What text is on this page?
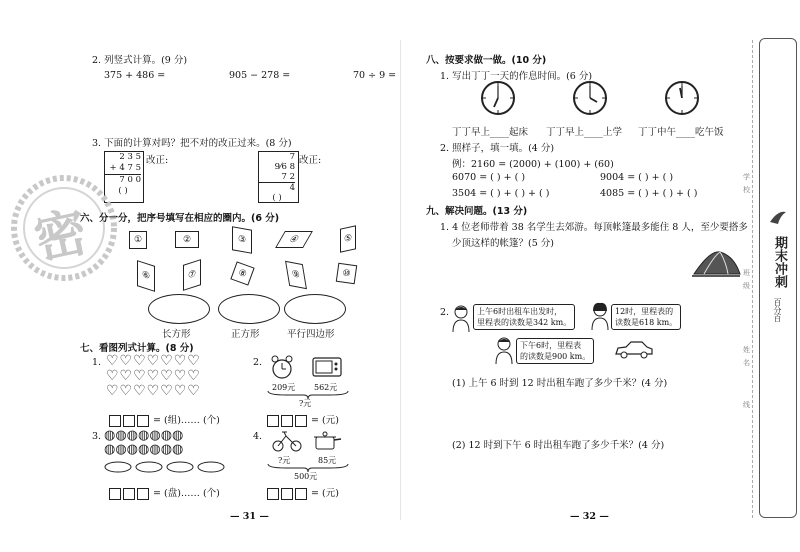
2. 列竖式计算。(9 分)
375 + 486 =	905 − 278 =	70 ÷ 9 =
3. 下面的计算对吗？把不对的改正过来。(8 分)
2 3 5
+ 4 7 5
7 0 0
( )
改正:	7
9⁄6 8
7 2
4
( )
改正:
密
六、分一分，把序号填写在相应的圈内。(6 分)
①	②	③	④	⑤
⑥	⑦	⑧	⑨	⑩
长方形	正方形	平行四边形
七、看图列式计算。(8 分)
1. ♡♡♡♡♡♡♡
♡♡♡♡♡♡♡
♡♡♡♡♡♡♡
= (组)…… (个)
2.
209元 562元
?元
= (元)
3. ◍◍◍◍◍◍◍
◍◍◍◍◍◍◍
= (盘)…… (个)
4.
?元	85元
500元
= (元)
— 31 —
八、按要求做一做。(10 分)
1. 写出丁丁一天的作息时间。(6 分)
丁丁早上____起床 丁丁早上____上学 丁丁中午____吃午饭
2. 照样子，填一填。(4 分)
例：2160 = (2000) + (100) + (60)
6070 = ( ) + ( )	9004 = ( ) + ( )
3504 = ( ) + ( ) + ( )	4085 = ( ) + ( ) + ( )
九、解决问题。(13 分)
1. 4 位老师带着 38 名学生去郊游。每顶帐篷最多能住 8 人，至少要搭多
少顶这样的帐篷？(5 分)
2.	上午6时出租车出发时，
里程表的读数是342 km。
12时，里程表的
读数是618 km。
下午6时，里程表
的读数是900 km。
(1) 上午 6 时到 12 时出租车跑了多少千米？(4 分)
(2) 12 时到下午 6 时出租车跑了多少千米？(4 分)
— 32 —
期末冲刺
百分百
学
校
班
级
姓
名
线
